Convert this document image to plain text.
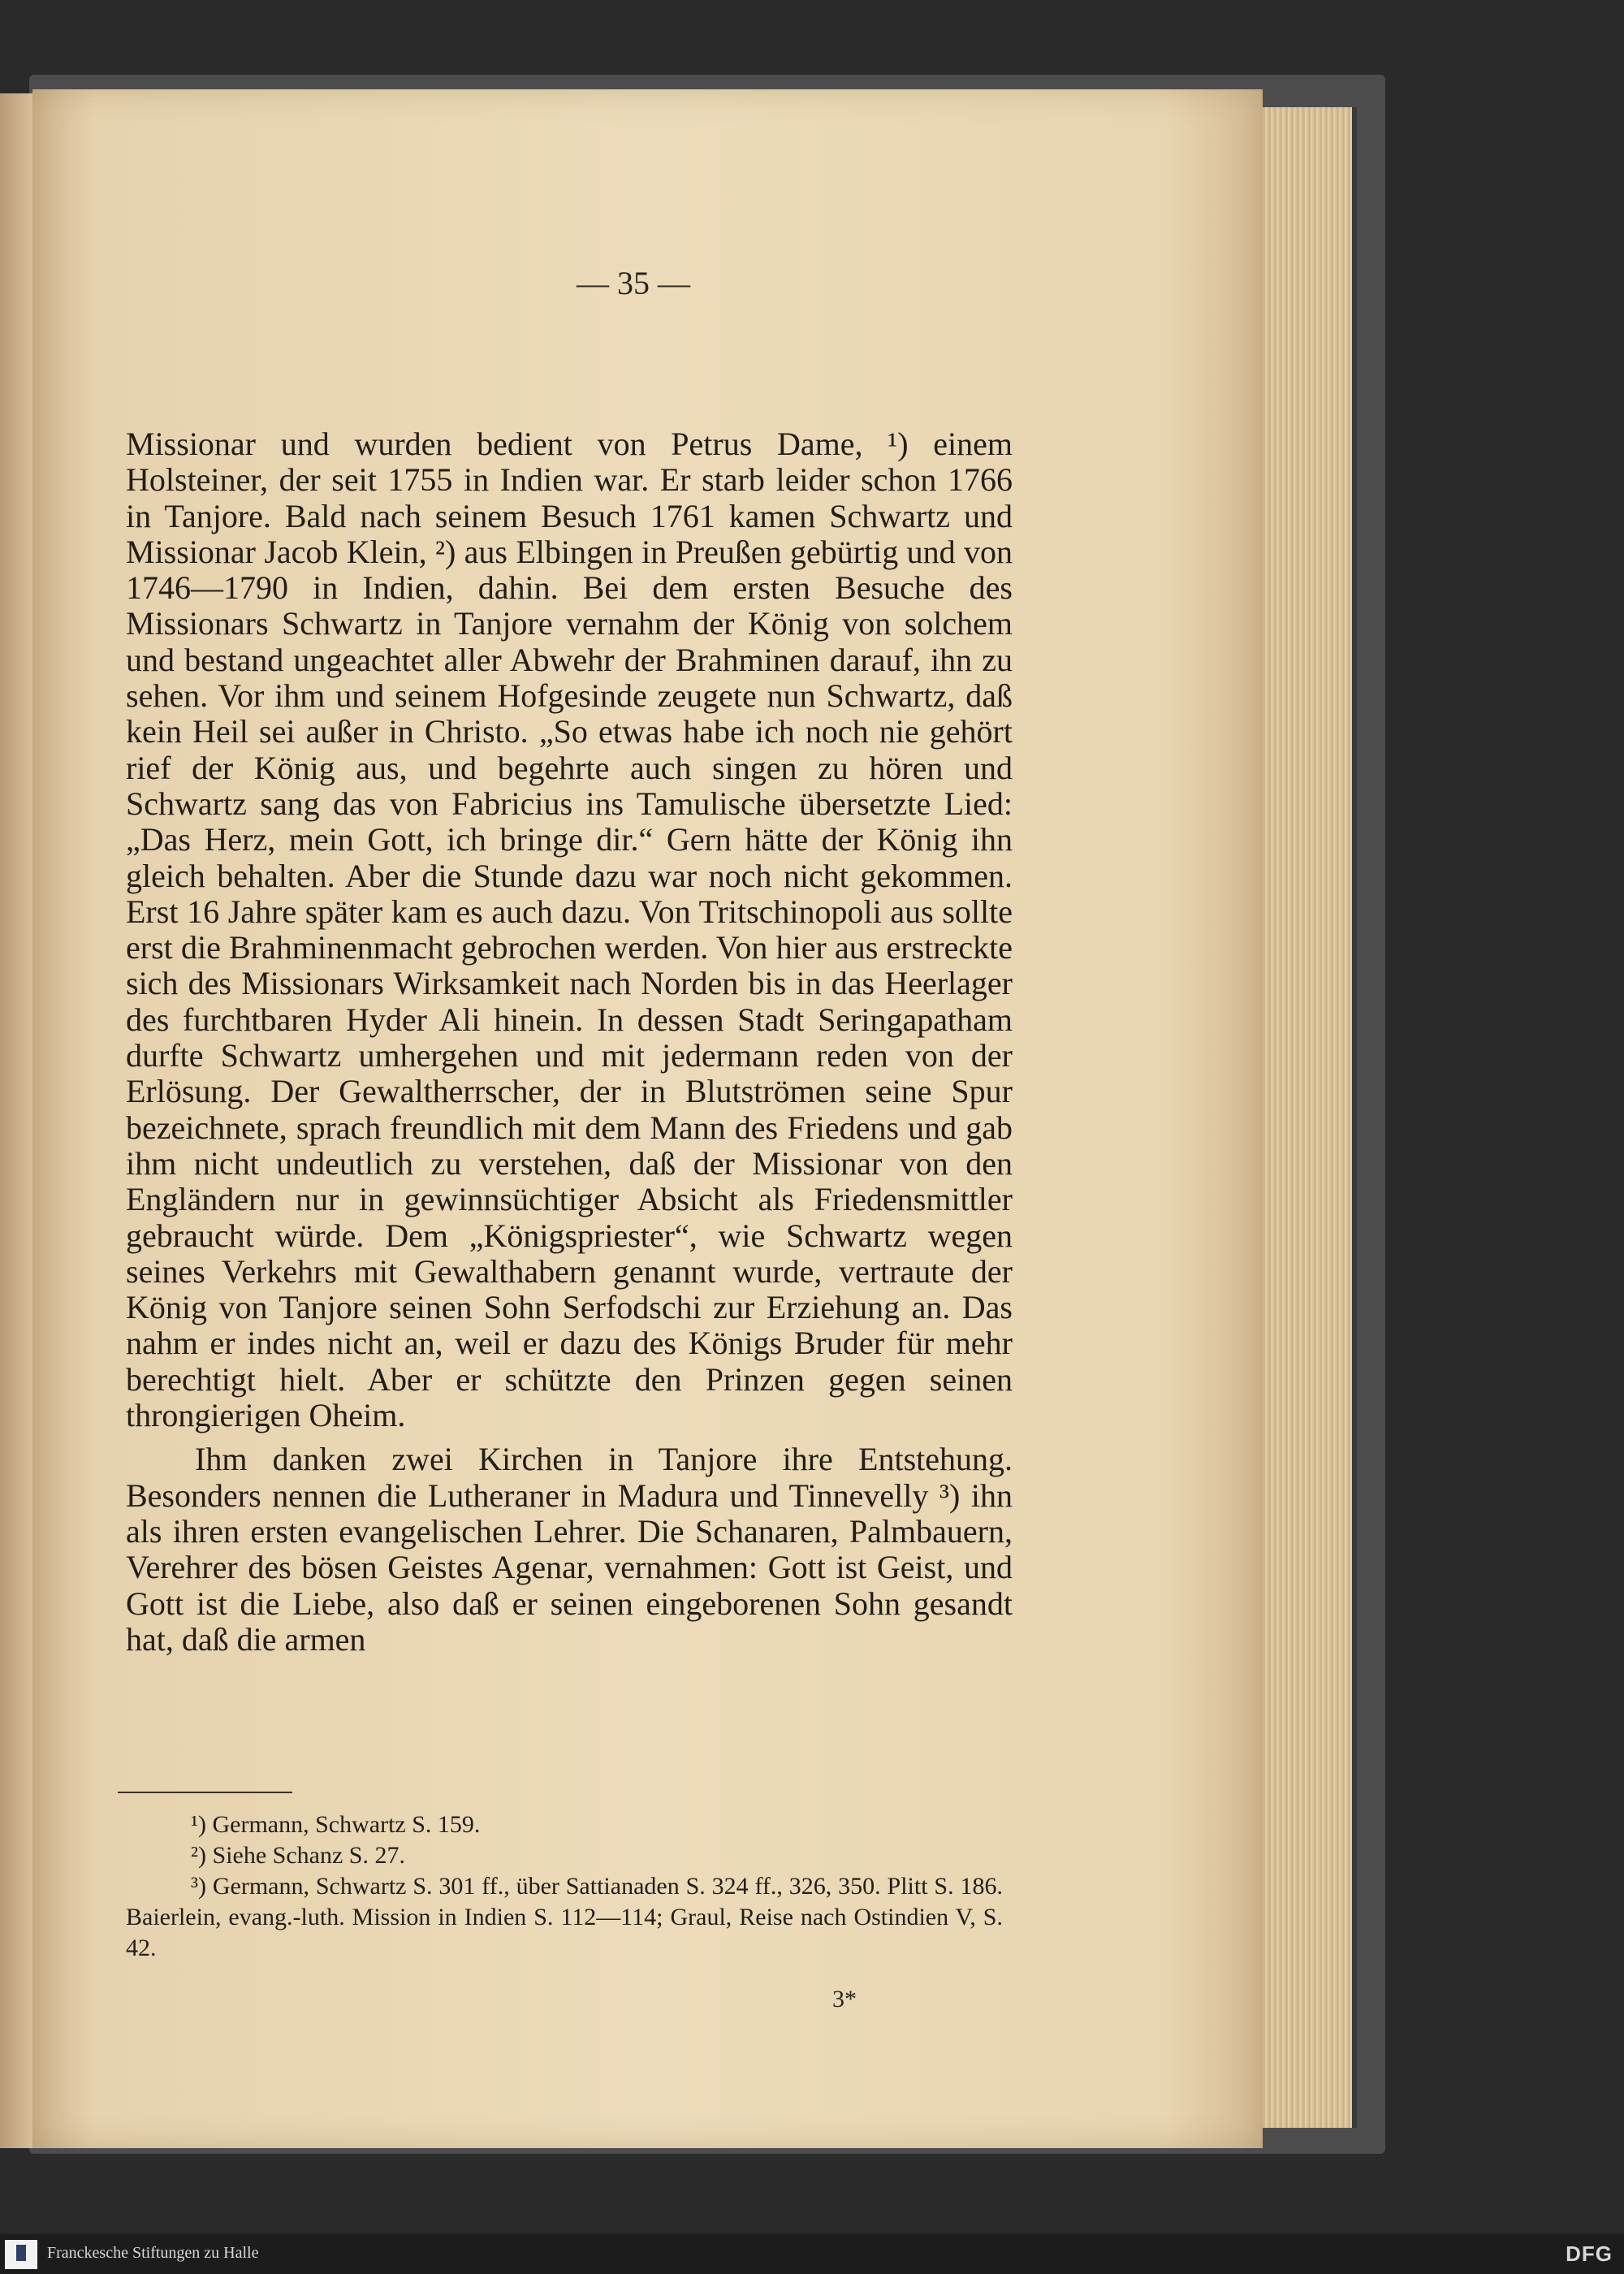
— 35 —

Missionar und wurden bedient von Petrus Dame, ¹) einem Holsteiner, der seit 1755 in Indien war. Er starb leider schon 1766 in Tanjore. Bald nach seinem Besuch 1761 kamen Schwartz und Missionar Jacob Klein, ²) aus Elbingen in Preußen gebürtig und von 1746—1790 in Indien, dahin. Bei dem ersten Besuche des Missionars Schwartz in Tanjore vernahm der König von solchem und bestand ungeachtet aller Abwehr der Brahminen darauf, ihn zu sehen. Vor ihm und seinem Hofgesinde zeugete nun Schwartz, daß kein Heil sei außer in Christo. „So etwas habe ich noch nie gehört rief der König aus, und begehrte auch singen zu hören und Schwartz sang das von Fabricius ins Tamulische übersetzte Lied: „Das Herz, mein Gott, ich bringe dir.“ Gern hätte der König ihn gleich behalten. Aber die Stunde dazu war noch nicht gekommen. Erst 16 Jahre später kam es auch dazu. Von Tritschinopoli aus sollte erst die Brahminenmacht gebrochen werden. Von hier aus erstreckte sich des Missionars Wirksamkeit nach Norden bis in das Heerlager des furchtbaren Hyder Ali hinein. In dessen Stadt Seringapatham durfte Schwartz umhergehen und mit jedermann reden von der Erlösung. Der Gewaltherrscher, der in Blutströmen seine Spur bezeichnete, sprach freundlich mit dem Mann des Friedens und gab ihm nicht undeutlich zu verstehen, daß der Missionar von den Engländern nur in gewinnsüchtiger Absicht als Friedensmittler gebraucht würde. Dem „Königspriester“, wie Schwartz wegen seines Verkehrs mit Gewalthabern genannt wurde, vertraute der König von Tanjore seinen Sohn Serfodschi zur Erziehung an. Das nahm er indes nicht an, weil er dazu des Königs Bruder für mehr berechtigt hielt. Aber er schützte den Prinzen gegen seinen throngierigen Oheim.

Ihm danken zwei Kirchen in Tanjore ihre Entstehung. Besonders nennen die Lutheraner in Madura und Tinnevelly ³) ihn als ihren ersten evangelischen Lehrer. Die Schanaren, Palmbauern, Verehrer des bösen Geistes Agenar, vernahmen: Gott ist Geist, und Gott ist die Liebe, also daß er seinen eingeborenen Sohn gesandt hat, daß die armen

¹) Germann, Schwartz S. 159.

²) Siehe Schanz S. 27.

³) Germann, Schwartz S. 301 ff., über Sattianaden S. 324 ff., 326, 350. Plitt S. 186. Baierlein, evang.-luth. Mission in Indien S. 112—114; Graul, Reise nach Ostindien V, S. 42.

3*
Franckesche Stiftungen zu Halle	DFG
